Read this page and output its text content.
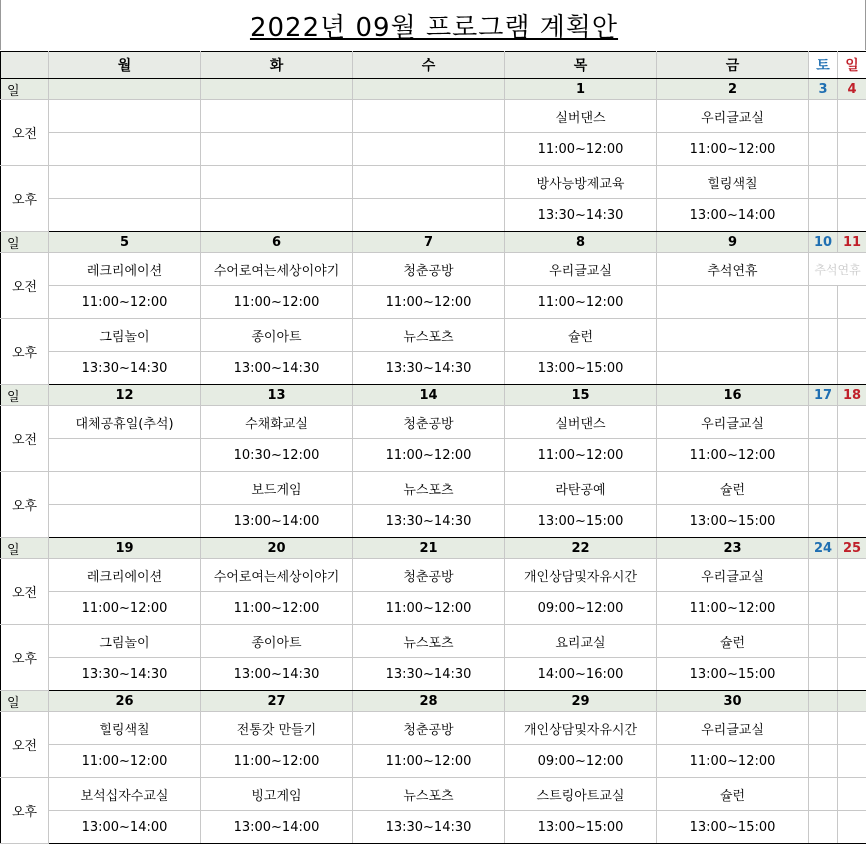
2022년 09월 프로그램 계획안
	월	화	수	목	금	토	일
일				1	2	3	4
오전				실버댄스	우리글교실		
				11:00~12:00	11:00~12:00		
오후				방사능방제교육	힐링색칠		
				13:30~14:30	13:00~14:00		
일	5	6	7	8	9	10	11
오전	레크리에이션	수어로여는세상이야기	청춘공방	우리글교실	추석연휴	추석연휴	
	11:00~12:00	11:00~12:00	11:00~12:00	11:00~12:00			
오후	그림놀이	종이아트	뉴스포츠	슐런			
	13:30~14:30	13:00~14:30	13:30~14:30	13:00~15:00			
일	12	13	14	15	16	17	18
오전	대체공휴일(추석)	수채화교실	청춘공방	실버댄스	우리글교실		
		10:30~12:00	11:00~12:00	11:00~12:00	11:00~12:00		
오후		보드게임	뉴스포츠	라탄공예	슐런		
		13:00~14:00	13:30~14:30	13:00~15:00	13:00~15:00		
일	19	20	21	22	23	24	25
오전	레크리에이션	수어로여는세상이야기	청춘공방	개인상담및자유시간	우리글교실		
	11:00~12:00	11:00~12:00	11:00~12:00	09:00~12:00	11:00~12:00		
오후	그림놀이	종이아트	뉴스포츠	요리교실	슐런		
	13:30~14:30	13:00~14:30	13:30~14:30	14:00~16:00	13:00~15:00		
일	26	27	28	29	30		
오전	힐링색칠	전통갓 만들기	청춘공방	개인상담및자유시간	우리글교실		
	11:00~12:00	11:00~12:00	11:00~12:00	09:00~12:00	11:00~12:00		
오후	보석십자수교실	빙고게임	뉴스포츠	스트링아트교실	슐런		
	13:00~14:00	13:00~14:00	13:30~14:30	13:00~15:00	13:00~15:00		
